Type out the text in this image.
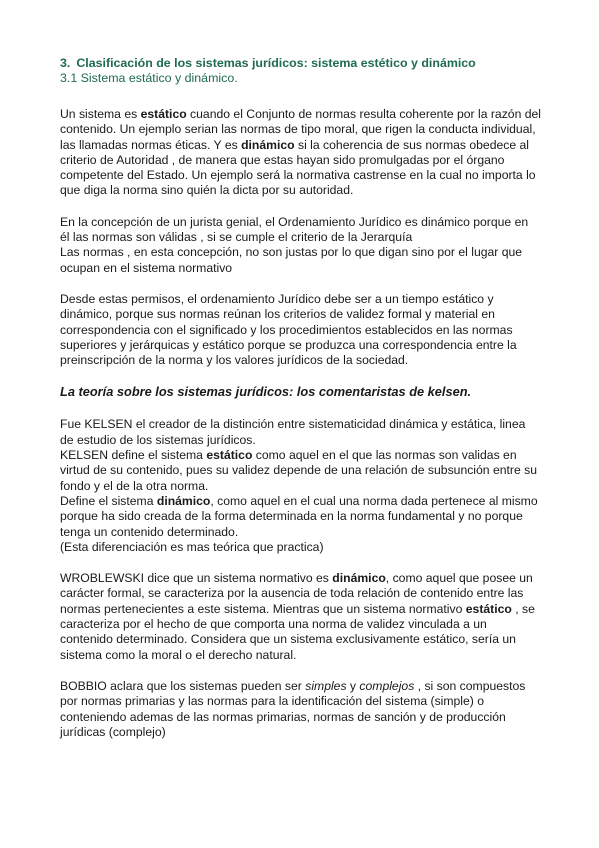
3. Clasificación de los sistemas jurídicos: sistema estético y dinámico
3.1 Sistema estático y dinámico.

Un sistema es estático cuando el Conjunto de normas resulta coherente por la razón del contenido. Un ejemplo serian las normas de tipo moral, que rigen la conducta individual, las llamadas normas éticas. Y es dinámico si la coherencia de sus normas obedece al criterio de Autoridad , de manera que estas hayan sido promulgadas por el órgano competente del Estado. Un ejemplo será la normativa castrense en la cual no importa lo que diga la norma sino quién la dicta por su autoridad.

En la concepción de un jurista genial, el Ordenamiento Jurídico es dinámico porque en él las normas son válidas , si se cumple el criterio de la Jerarquía
Las normas , en esta concepción, no son justas por lo que digan sino por el lugar que ocupan en el sistema normativo

Desde estas permisos, el ordenamiento Jurídico debe ser a un tiempo estático y dinámico, porque sus normas reúnan los criterios de validez formal y material en correspondencia con el significado y los procedimientos establecidos en las normas superiores y jerárquicas y estático porque se produzca una correspondencia entre la preinscripción de la norma y los valores jurídicos de la sociedad.

La teoría sobre los sistemas jurídicos: los comentaristas de kelsen.

Fue KELSEN el creador de la distinción entre sistematicidad dinámica y estática, linea de estudio de los sistemas jurídicos.
KELSEN define el sistema estático como aquel en el que las normas son validas en virtud de su contenido, pues su validez depende de una relación de subsunción entre su fondo y el de la otra norma.
Define el sistema dinámico, como aquel en el cual una norma dada pertenece al mismo porque ha sido creada de la forma determinada en la norma fundamental y no porque tenga un contenido determinado.
(Esta diferenciación es mas teórica que practica)

WROBLEWSKI dice que un sistema normativo es dinámico, como aquel que posee un carácter formal, se caracteriza por la ausencia de toda relación de contenido entre las normas pertenecientes a este sistema. Mientras que un sistema normativo estático , se caracteriza por el hecho de que comporta una norma de validez vinculada a un contenido determinado. Considera que un sistema exclusivamente estático, sería un sistema como la moral o el derecho natural.

BOBBIO aclara que los sistemas pueden ser simples y complejos , si son compuestos por normas primarias y las normas para la identificación del sistema (simple) o conteniendo ademas de las normas primarias, normas de sanción y de producción jurídicas (complejo)
